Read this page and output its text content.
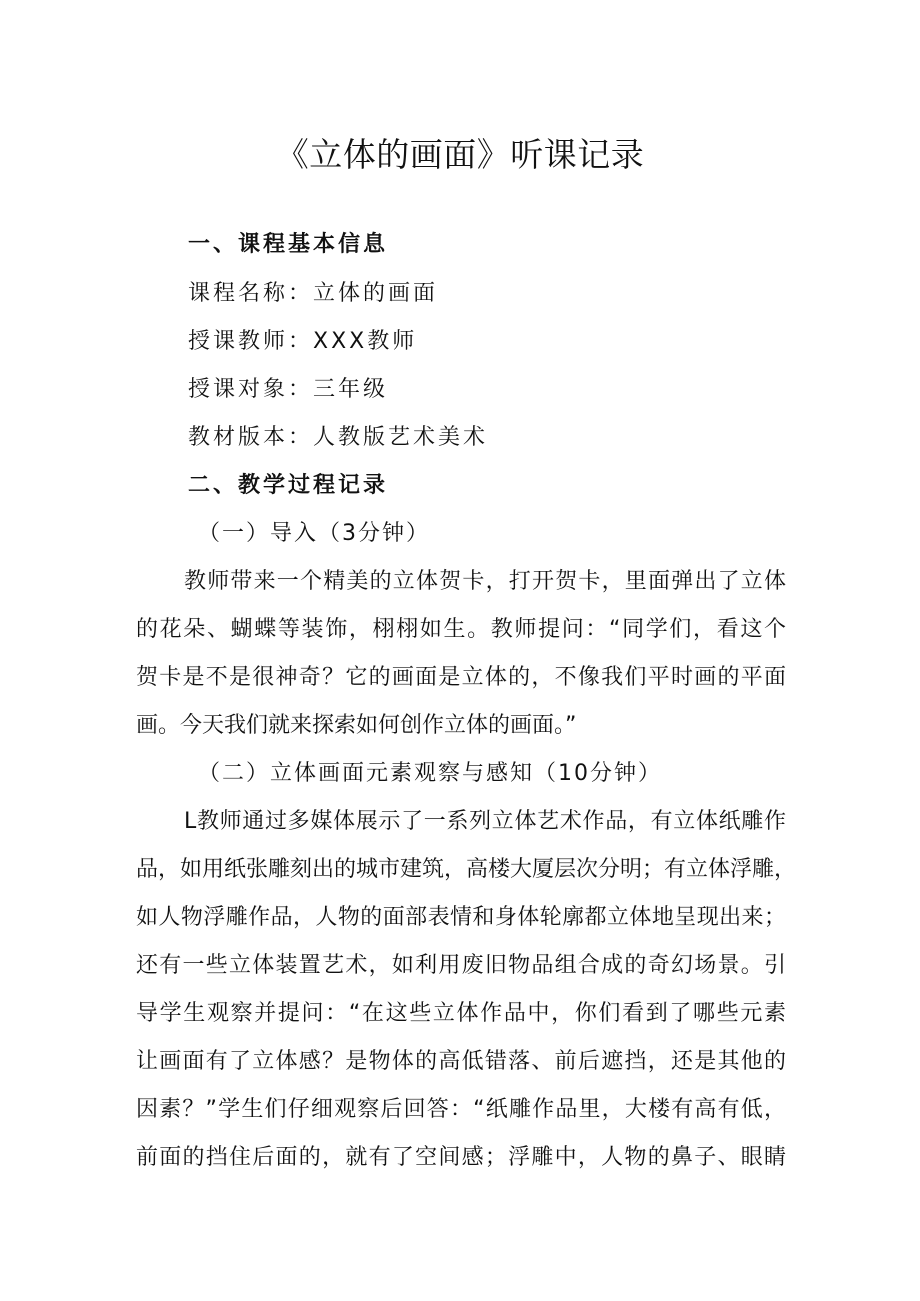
《立体的画面》听课记录
一、课程基本信息
课程名称：立体的画面
授课教师：XXX教师
授课对象：三年级
教材版本：人教版艺术美术
二、教学过程记录
（一）导入（3分钟）
教师带来一个精美的立体贺卡，打开贺卡，里面弹出了立体
的花朵、蝴蝶等装饰，栩栩如生。教师提问：“同学们，看这个
贺卡是不是很神奇？它的画面是立体的，不像我们平时画的平面
画。今天我们就来探索如何创作立体的画面。”
（二）立体画面元素观察与感知（10分钟）
L教师通过多媒体展示了一系列立体艺术作品，有立体纸雕作
品，如用纸张雕刻出的城市建筑，高楼大厦层次分明；有立体浮雕，
如人物浮雕作品，人物的面部表情和身体轮廓都立体地呈现出来；
还有一些立体装置艺术，如利用废旧物品组合成的奇幻场景。引
导学生观察并提问：“在这些立体作品中，你们看到了哪些元素
让画面有了立体感？是物体的高低错落、前后遮挡，还是其他的
因素？”学生们仔细观察后回答：“纸雕作品里，大楼有高有低，
前面的挡住后面的，就有了空间感；浮雕中，人物的鼻子、眼睛
